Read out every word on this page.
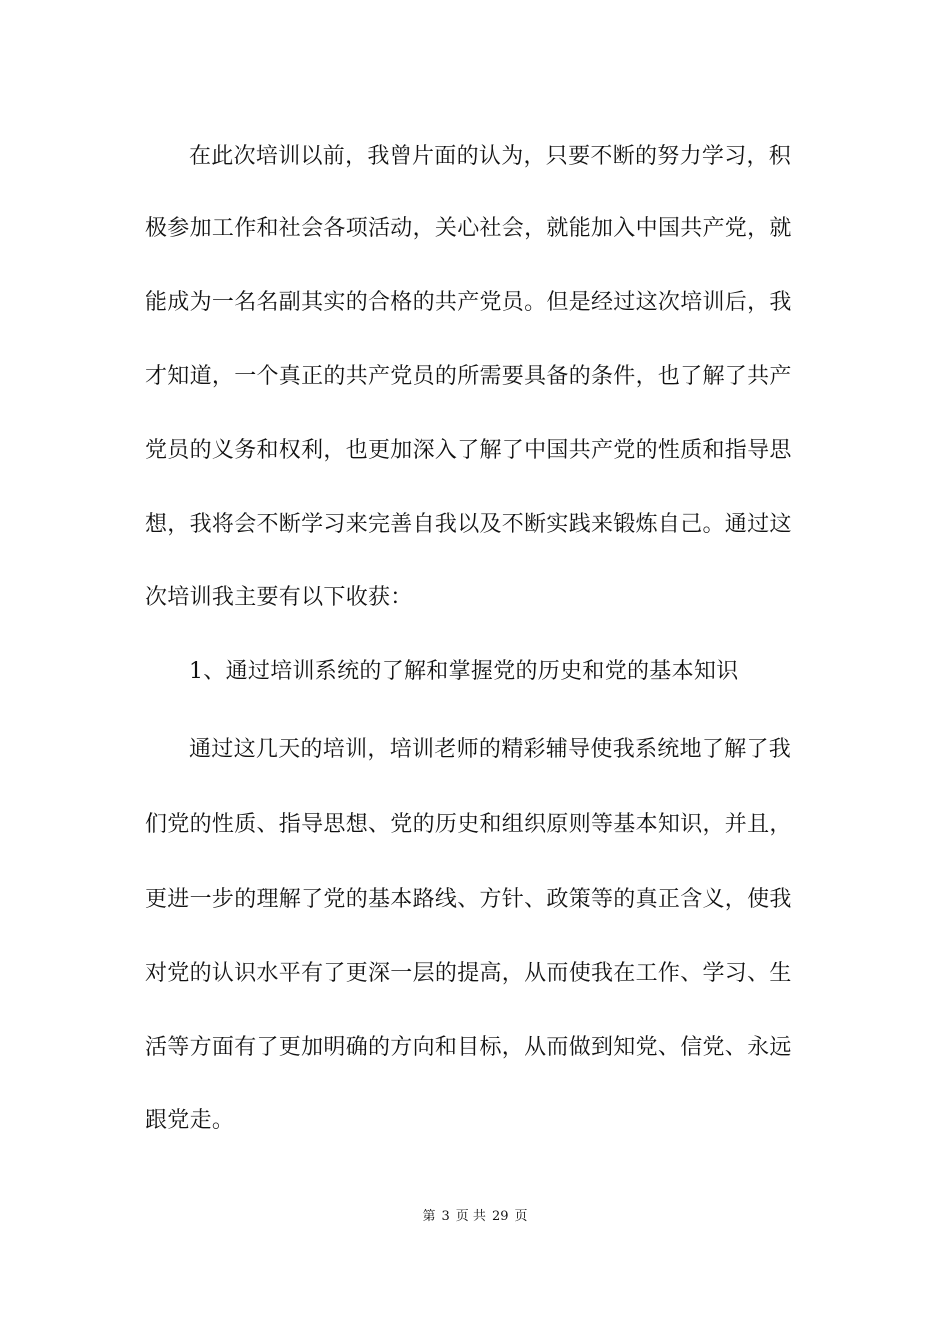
在此次培训以前，我曾片面的认为，只要不断的努力学习，积
极参加工作和社会各项活动，关心社会，就能加入中国共产党，就
能成为一名名副其实的合格的共产党员。但是经过这次培训后，我
才知道，一个真正的共产党员的所需要具备的条件，也了解了共产
党员的义务和权利，也更加深入了解了中国共产党的性质和指导思
想，我将会不断学习来完善自我以及不断实践来锻炼自己。通过这
次培训我主要有以下收获：
1、通过培训系统的了解和掌握党的历史和党的基本知识
通过这几天的培训，培训老师的精彩辅导使我系统地了解了我
们党的性质、指导思想、党的历史和组织原则等基本知识，并且，
更进一步的理解了党的基本路线、方针、政策等的真正含义，使我
对党的认识水平有了更深一层的提高，从而使我在工作、学习、生
活等方面有了更加明确的方向和目标，从而做到知党、信党、永远
跟党走。
第 3 页 共 29 页
